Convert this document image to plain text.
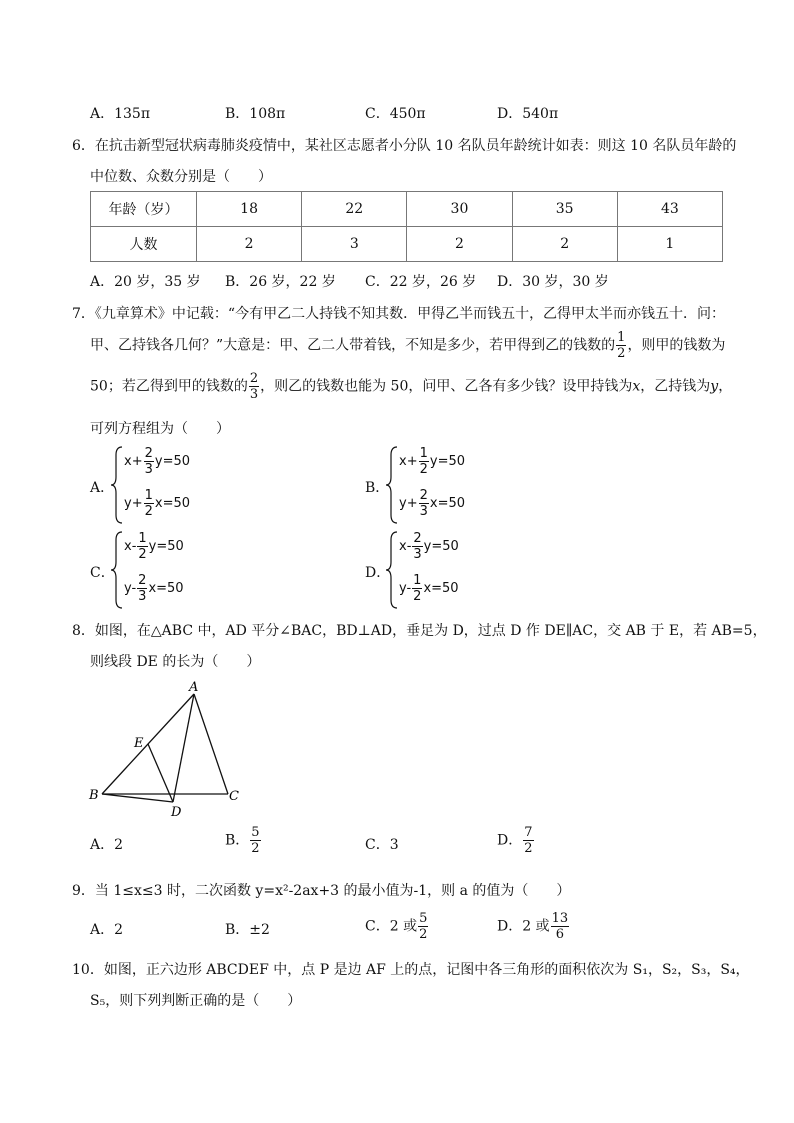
A．135π	B．108π	C．450π	D．540π
6．在抗击新型冠状病毒肺炎疫情中，某社区志愿者小分队 10 名队员年龄统计如表：则这 10 名队员年龄的
中位数、众数分别是（　　）
年龄（岁）	18	22	30	35	43
人数	2	3	2	2	1
A．20 岁，35 岁 B．26 岁，22 岁 C．22 岁，26 岁 D．30 岁，30 岁
7．《九章算术》中记载：“今有甲乙二人持钱不知其数．甲得乙半而钱五十，乙得甲太半而亦钱五十．问：
甲、乙持钱各几何？”大意是：甲、乙二人带着钱，不知是多少，若甲得到乙的钱数的 $\frac{1}{2}$ ，则甲的钱数为
50；若乙得到甲的钱数的 $\frac{2}{3}$ ，则乙的钱数也能为 50，问甲、乙各有多少钱？设甲持钱为x，乙持钱为y，
可列方程组为（　　）
A．
$x+ \frac{2}{3} y=50$
$y+ \frac{1}{2} x=50$
B．
$x+ \frac{1}{2} y=50$
$y+ \frac{2}{3} x=50$
C．
$x- \frac{1}{2} y=50$
$y- \frac{2}{3} x=50$
D．
$x- \frac{2}{3} y=50$
$y- \frac{1}{2} x=50$
8．如图，在△ABC 中，AD 平分∠BAC，BD⊥AD，垂足为 D，过点 D 作 DE∥AC，交 AB 于 E，若 AB=5，
则线段 DE 的长为（　　）
A
B	C
D
E
A．2	B． $\frac{5}{2}$	C．3	D． $\frac{7}{2}$
9．当 1≤x≤3 时，二次函数 y=x²-2ax+3 的最小值为-1，则 a 的值为（　　）
A．2	B．±2	C．2 或 $\frac{5}{2}$	D．2 或 $\frac{13}{6}$
10．如图，正六边形 ABCDEF 中，点 P 是边 AF 上的点，记图中各三角形的面积依次为 S₁，S₂，S₃，S₄，
S₅，则下列判断正确的是（　　）
